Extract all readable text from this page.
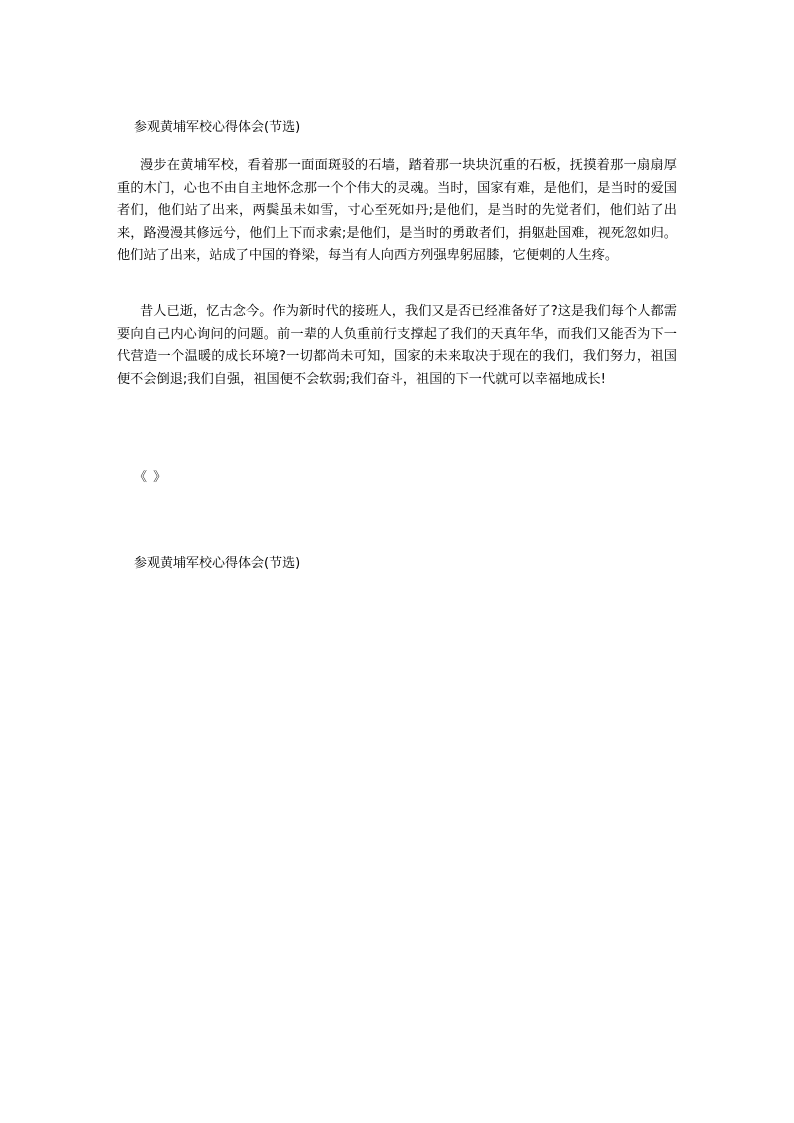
参观黄埔军校心得体会(节选)

漫步在黄埔军校，看着那一面面斑驳的石墙，踏着那一块块沉重的石板，抚摸着那一扇扇厚重的木门，心也不由自主地怀念那一个个伟大的灵魂。当时，国家有难，是他们，是当时的爱国者们，他们站了出来，两鬓虽未如雪，寸心至死如丹;是他们，是当时的先觉者们，他们站了出来，路漫漫其修远兮，他们上下而求索;是他们，是当时的勇敢者们，捐躯赴国难，视死忽如归。他们站了出来，站成了中国的脊梁，每当有人向西方列强卑躬屈膝，它便刺的人生疼。

昔人已逝，忆古念今。作为新时代的接班人，我们又是否已经准备好了?这是我们每个人都需要向自己内心询问的问题。前一辈的人负重前行支撑起了我们的天真年华，而我们又能否为下一代营造一个温暖的成长环境?一切都尚未可知，国家的未来取决于现在的我们，我们努力，祖国便不会倒退;我们自强，祖国便不会软弱;我们奋斗，祖国的下一代就可以幸福地成长!

《 》
参观黄埔军校心得体会(节选)
